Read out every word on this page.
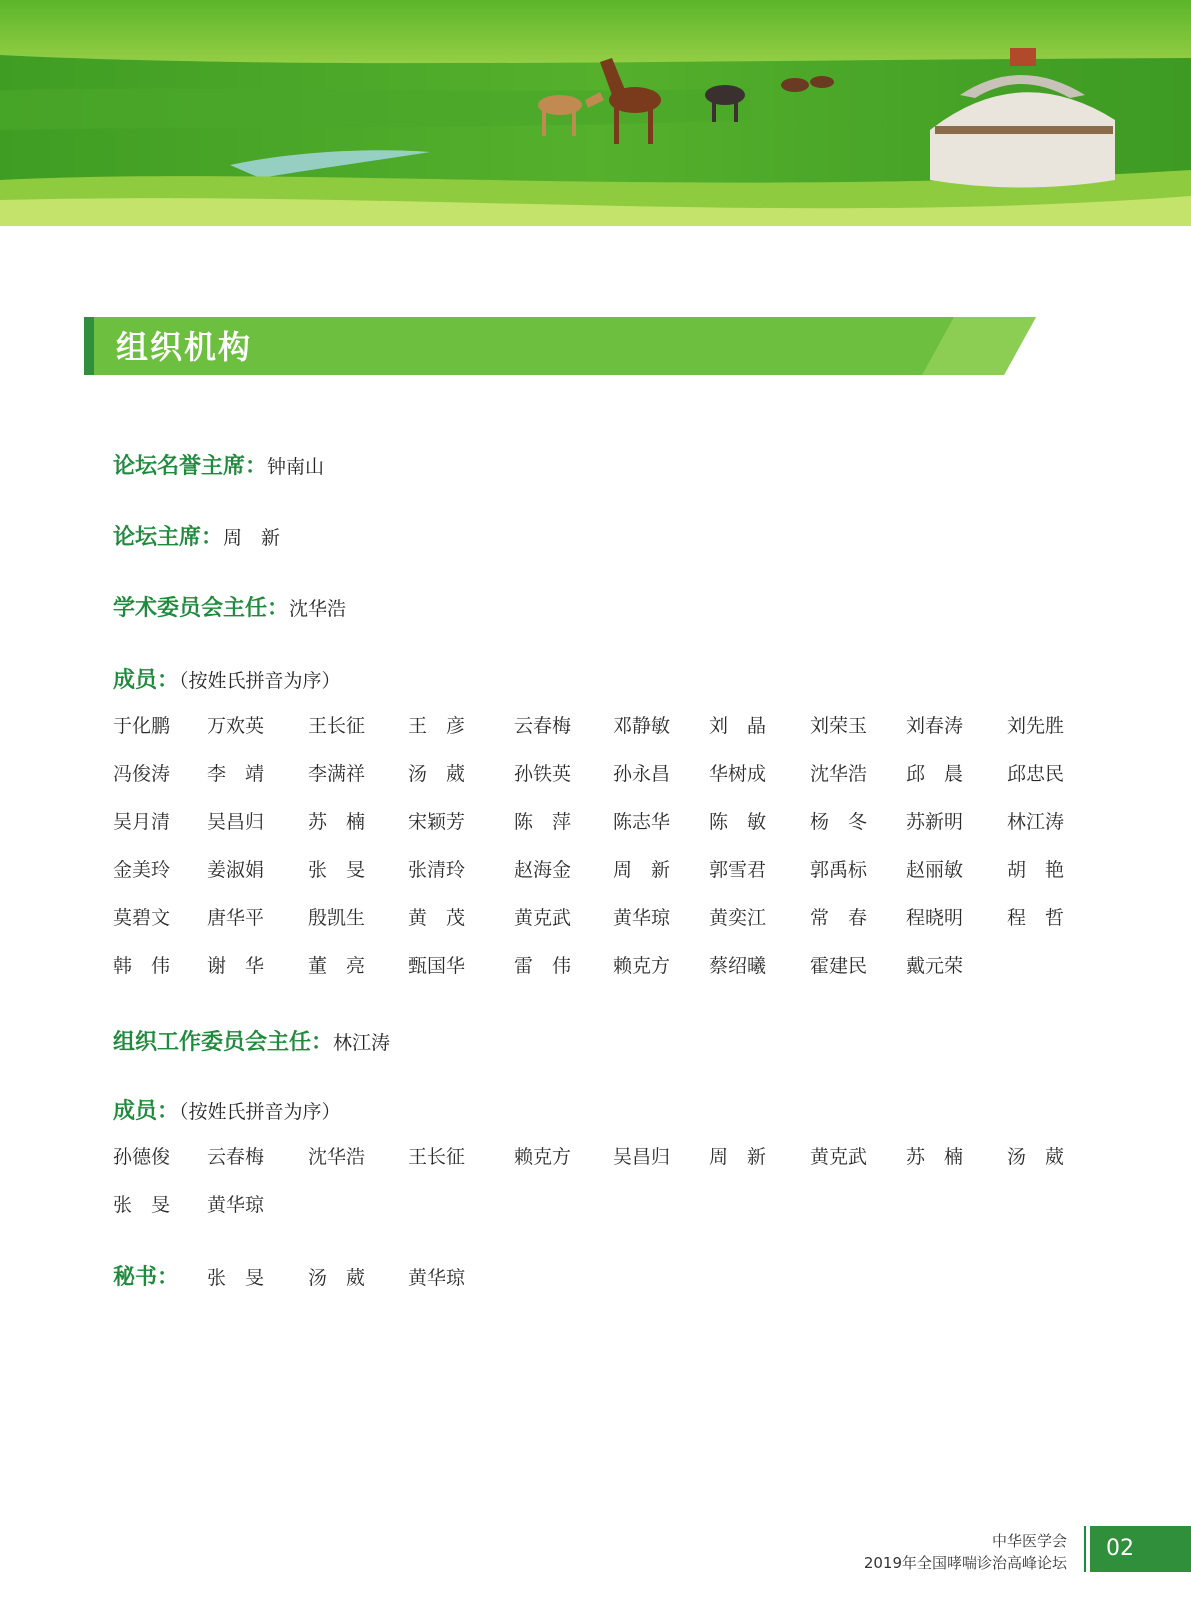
组织机构
论坛名誉主席：钟南山
论坛主席：周　新
学术委员会主任：沈华浩
成员：（按姓氏拼音为序）
于化鹏 万欢英 王长征 王　彦	云春梅 邓静敏 刘　晶 刘荣玉 刘春涛 刘先胜
冯俊涛 李　靖 李满祥 汤　葳	孙铁英 孙永昌 华树成 沈华浩 邱　晨 邱忠民
吴月清 吴昌归 苏　楠 宋颖芳	陈　萍 陈志华 陈　敏 杨　冬 苏新明 林江涛
金美玲 姜淑娟 张　旻 张清玲	赵海金 周　新 郭雪君 郭禹标 赵丽敏 胡　艳
莫碧文 唐华平 殷凯生 黄　茂	黄克武 黄华琼 黄奕江 常　春 程晓明 程　哲
韩　伟 谢　华 董　亮 甄国华	雷　伟 赖克方 蔡绍曦 霍建民 戴元荣
组织工作委员会主任：林江涛
成员：（按姓氏拼音为序）
孙德俊 云春梅 沈华浩 王长征	赖克方 吴昌归 周　新 黄克武 苏　楠 汤　葳
张　旻 黄华琼
秘书： 张　旻 汤　葳 黄华琼
中华医学会
2019年全国哮喘诊治高峰论坛
02
